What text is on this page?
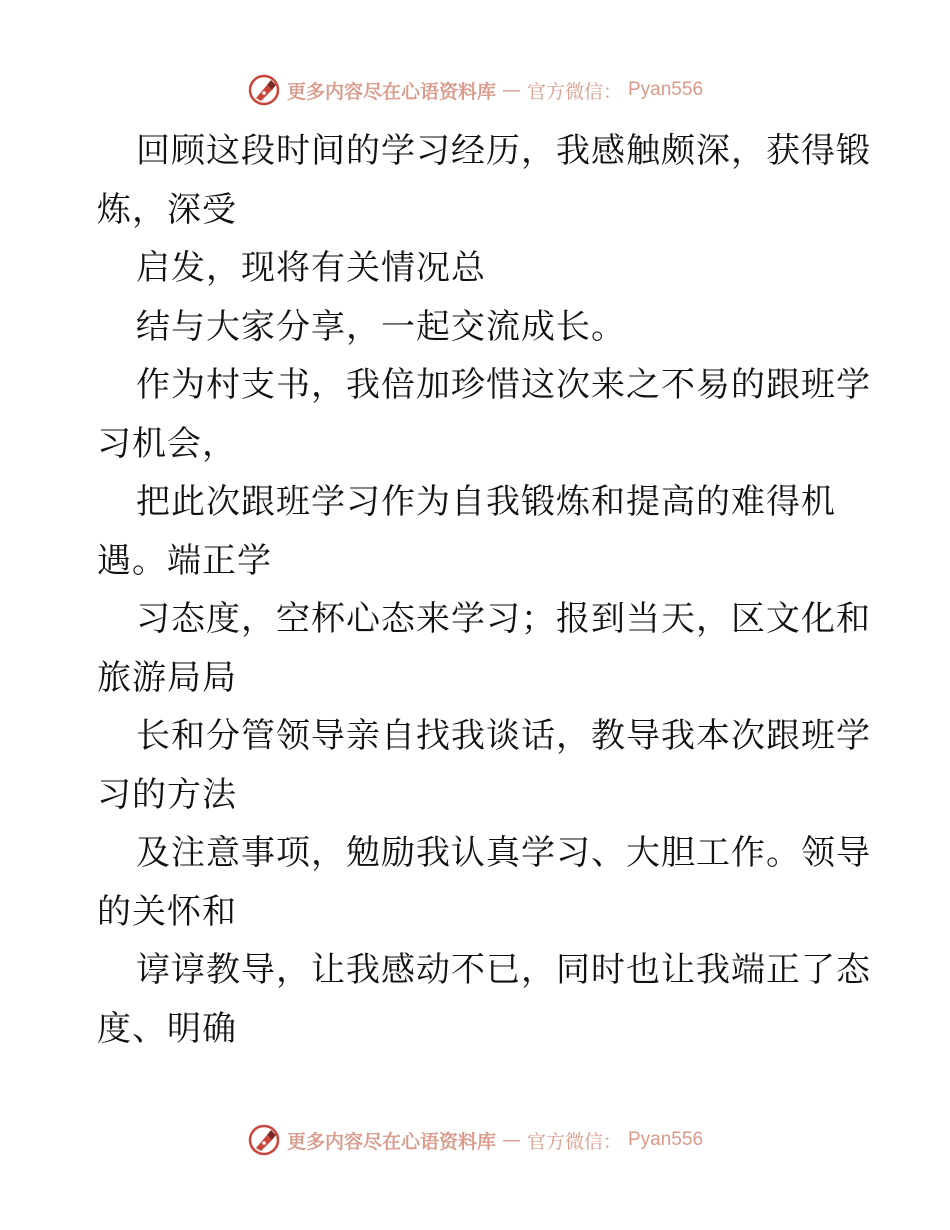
更多内容尽在心语资料库 — 官方微信： Pyan556
回顾这段时间的学习经历，我感触颇深，获得锻
炼，深受
启发，现将有关情况总
结与大家分享，一起交流成长。
作为村支书，我倍加珍惜这次来之不易的跟班学
习机会，
把此次跟班学习作为自我锻炼和提高的难得机
遇。端正学
习态度，空杯心态来学习；报到当天，区文化和
旅游局局
长和分管领导亲自找我谈话，教导我本次跟班学
习的方法
及注意事项，勉励我认真学习、大胆工作。领导
的关怀和
谆谆教导，让我感动不已，同时也让我端正了态
度、明确
更多内容尽在心语资料库 — 官方微信： Pyan556
